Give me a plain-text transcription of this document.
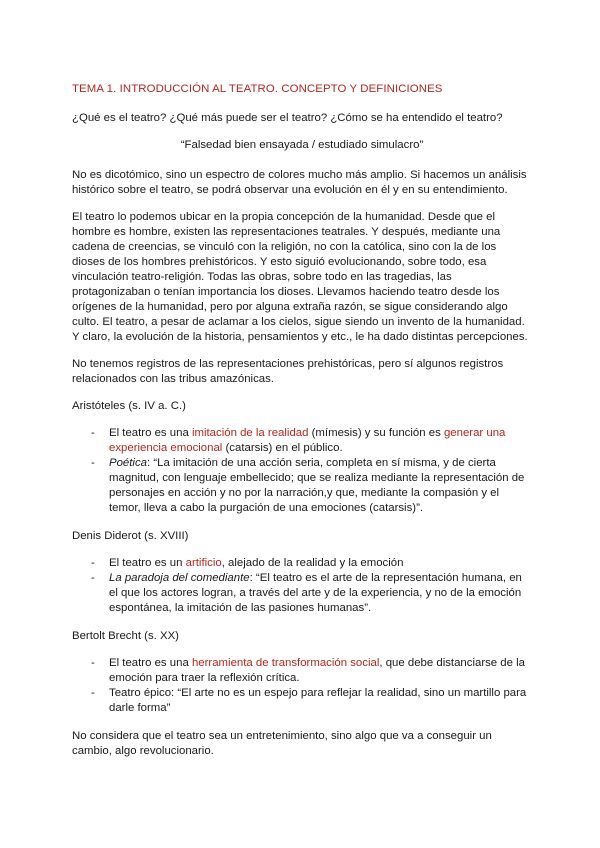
TEMA 1. INTRODUCCIÓN AL TEATRO. CONCEPTO Y DEFINICIONES

¿Qué es el teatro? ¿Qué más puede ser el teatro? ¿Cómo se ha entendido el teatro?

“Falsedad bien ensayada / estudiado simulacro”

No es dicotómico, sino un espectro de colores mucho más amplio. Si hacemos un análisis histórico sobre el teatro, se podrá observar una evolución en él y en su entendimiento.

El teatro lo podemos ubicar en la propia concepción de la humanidad. Desde que el hombre es hombre, existen las representaciones teatrales. Y después, mediante una cadena de creencias, se vinculó con la religión, no con la católica, sino con la de los dioses de los hombres prehistóricos. Y esto siguió evolucionando, sobre todo, esa vinculación teatro-religión. Todas las obras, sobre todo en las tragedias, las protagonizaban o tenían importancia los dioses. Llevamos haciendo teatro desde los orígenes de la humanidad, pero por alguna extraña razón, se sigue considerando algo culto. El teatro, a pesar de aclamar a los cielos, sigue siendo un invento de la humanidad. Y claro, la evolución de la historia, pensamientos y etc., le ha dado distintas percepciones.

No tenemos registros de las representaciones prehistóricas, pero sí algunos registros relacionados con las tribus amazónicas.

Aristóteles (s. IV a. C.)

- El teatro es una imitación de la realidad (mímesis) y su función es generar una experiencia emocional (catarsis) en el público.
- Poética: “La imitación de una acción seria, completa en sí misma, y de cierta magnitud, con lenguaje embellecido; que se realiza mediante la representación de personajes en acción y no por la narración,y que, mediante la compasión y el temor, lleva a cabo la purgación de una emociones (catarsis)”.

Denis Diderot (s. XVIII)

- El teatro es un artificio, alejado de la realidad y la emoción
- La paradoja del comediante: “El teatro es el arte de la representación humana, en el que los actores logran, a través del arte y de la experiencia, y no de la emoción espontánea, la imitación de las pasiones humanas”.

Bertolt Brecht (s. XX)

- El teatro es una herramienta de transformación social, que debe distanciarse de la emoción para traer la reflexión crítica.
- Teatro épico: “El arte no es un espejo para reflejar la realidad, sino un martillo para darle forma”

No considera que el teatro sea un entretenimiento, sino algo que va a conseguir un cambio, algo revolucionario.
